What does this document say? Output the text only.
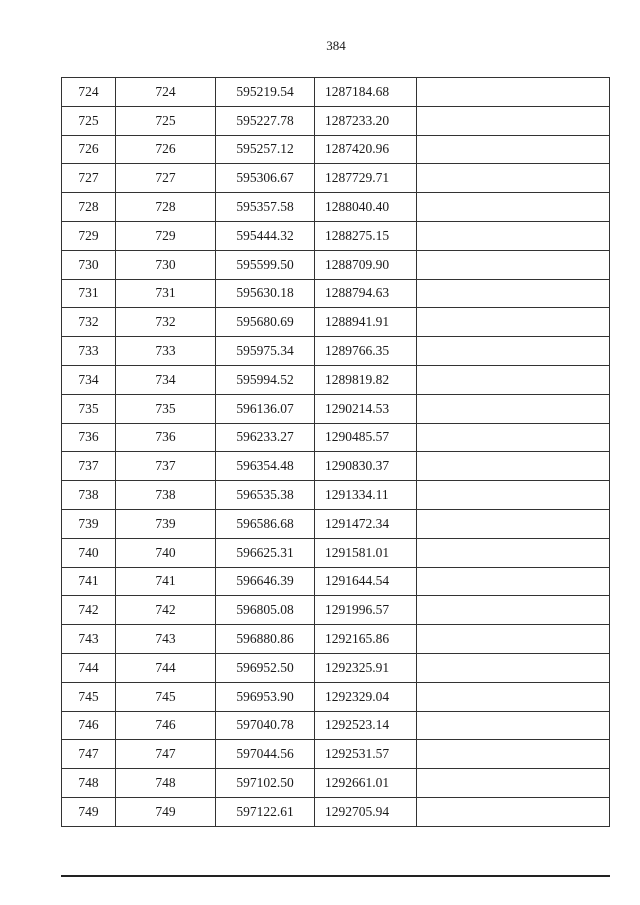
384
724	724	595219.54	1287184.68	
725	725	595227.78	1287233.20	
726	726	595257.12	1287420.96	
727	727	595306.67	1287729.71	
728	728	595357.58	1288040.40	
729	729	595444.32	1288275.15	
730	730	595599.50	1288709.90	
731	731	595630.18	1288794.63	
732	732	595680.69	1288941.91	
733	733	595975.34	1289766.35	
734	734	595994.52	1289819.82	
735	735	596136.07	1290214.53	
736	736	596233.27	1290485.57	
737	737	596354.48	1290830.37	
738	738	596535.38	1291334.11	
739	739	596586.68	1291472.34	
740	740	596625.31	1291581.01	
741	741	596646.39	1291644.54	
742	742	596805.08	1291996.57	
743	743	596880.86	1292165.86	
744	744	596952.50	1292325.91	
745	745	596953.90	1292329.04	
746	746	597040.78	1292523.14	
747	747	597044.56	1292531.57	
748	748	597102.50	1292661.01	
749	749	597122.61	1292705.94	
